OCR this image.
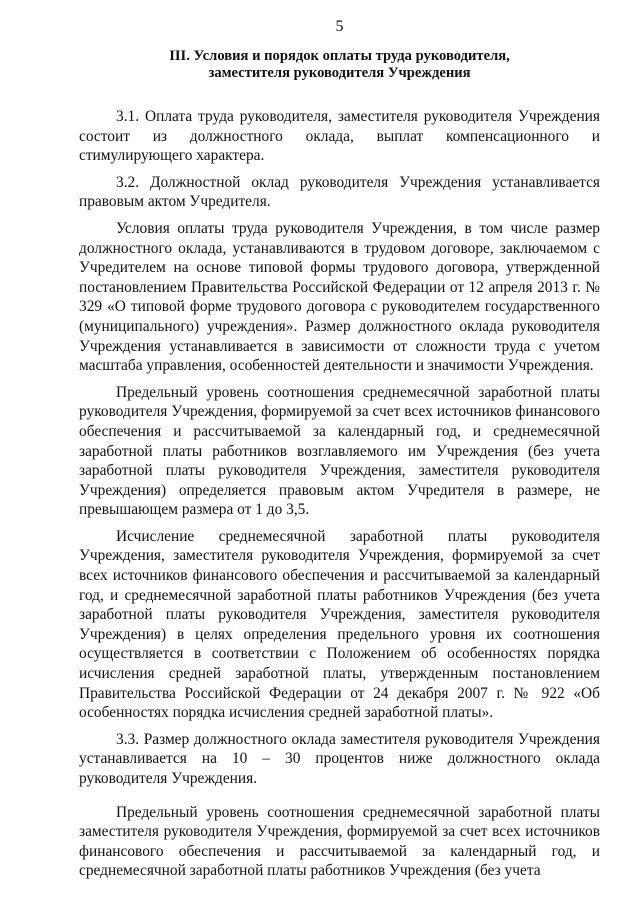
5
III. Условия и порядок оплаты труда руководителя,
заместителя руководителя Учреждения

3.1. Оплата труда руководителя, заместителя руководителя Учреждения состоит из должностного оклада, выплат компенсационного и стимулирующего характера.

3.2. Должностной оклад руководителя Учреждения устанавливается правовым актом Учредителя.

Условия оплаты труда руководителя Учреждения, в том числе размер должностного оклада, устанавливаются в трудовом договоре, заключаемом с Учредителем на основе типовой формы трудового договора, утвержденной постановлением Правительства Российской Федерации от 12 апреля 2013 г. № 329 «О типовой форме трудового договора с руководителем государственного (муниципального) учреждения». Размер должностного оклада руководителя Учреждения устанавливается в зависимости от сложности труда с учетом масштаба управления, особенностей деятельности и значимости Учреждения.

Предельный уровень соотношения среднемесячной заработной платы руководителя Учреждения, формируемой за счет всех источников финансового обеспечения и рассчитываемой за календарный год, и среднемесячной заработной платы работников возглавляемого им Учреждения (без учета заработной платы руководителя Учреждения, заместителя руководителя Учреждения) определяется правовым актом Учредителя в размере, не превышающем размера от 1 до 3,5.

Исчисление среднемесячной заработной платы руководителя Учреждения, заместителя руководителя Учреждения, формируемой за счет всех источников финансового обеспечения и рассчитываемой за календарный год, и среднемесячной заработной платы работников Учреждения (без учета заработной платы руководителя Учреждения, заместителя руководителя Учреждения) в целях определения предельного уровня их соотношения осуществляется в соответствии с Положением об особенностях порядка исчисления средней заработной платы, утвержденным постановлением Правительства Российской Федерации от 24 декабря 2007 г. № 922 «Об особенностях порядка исчисления средней заработной платы».

3.3. Размер должностного оклада заместителя руководителя Учреждения устанавливается на 10 – 30 процентов ниже должностного оклада руководителя Учреждения.

Предельный уровень соотношения среднемесячной заработной платы заместителя руководителя Учреждения, формируемой за счет всех источников финансового обеспечения и рассчитываемой за календарный год, и среднемесячной заработной платы работников Учреждения (без учета
